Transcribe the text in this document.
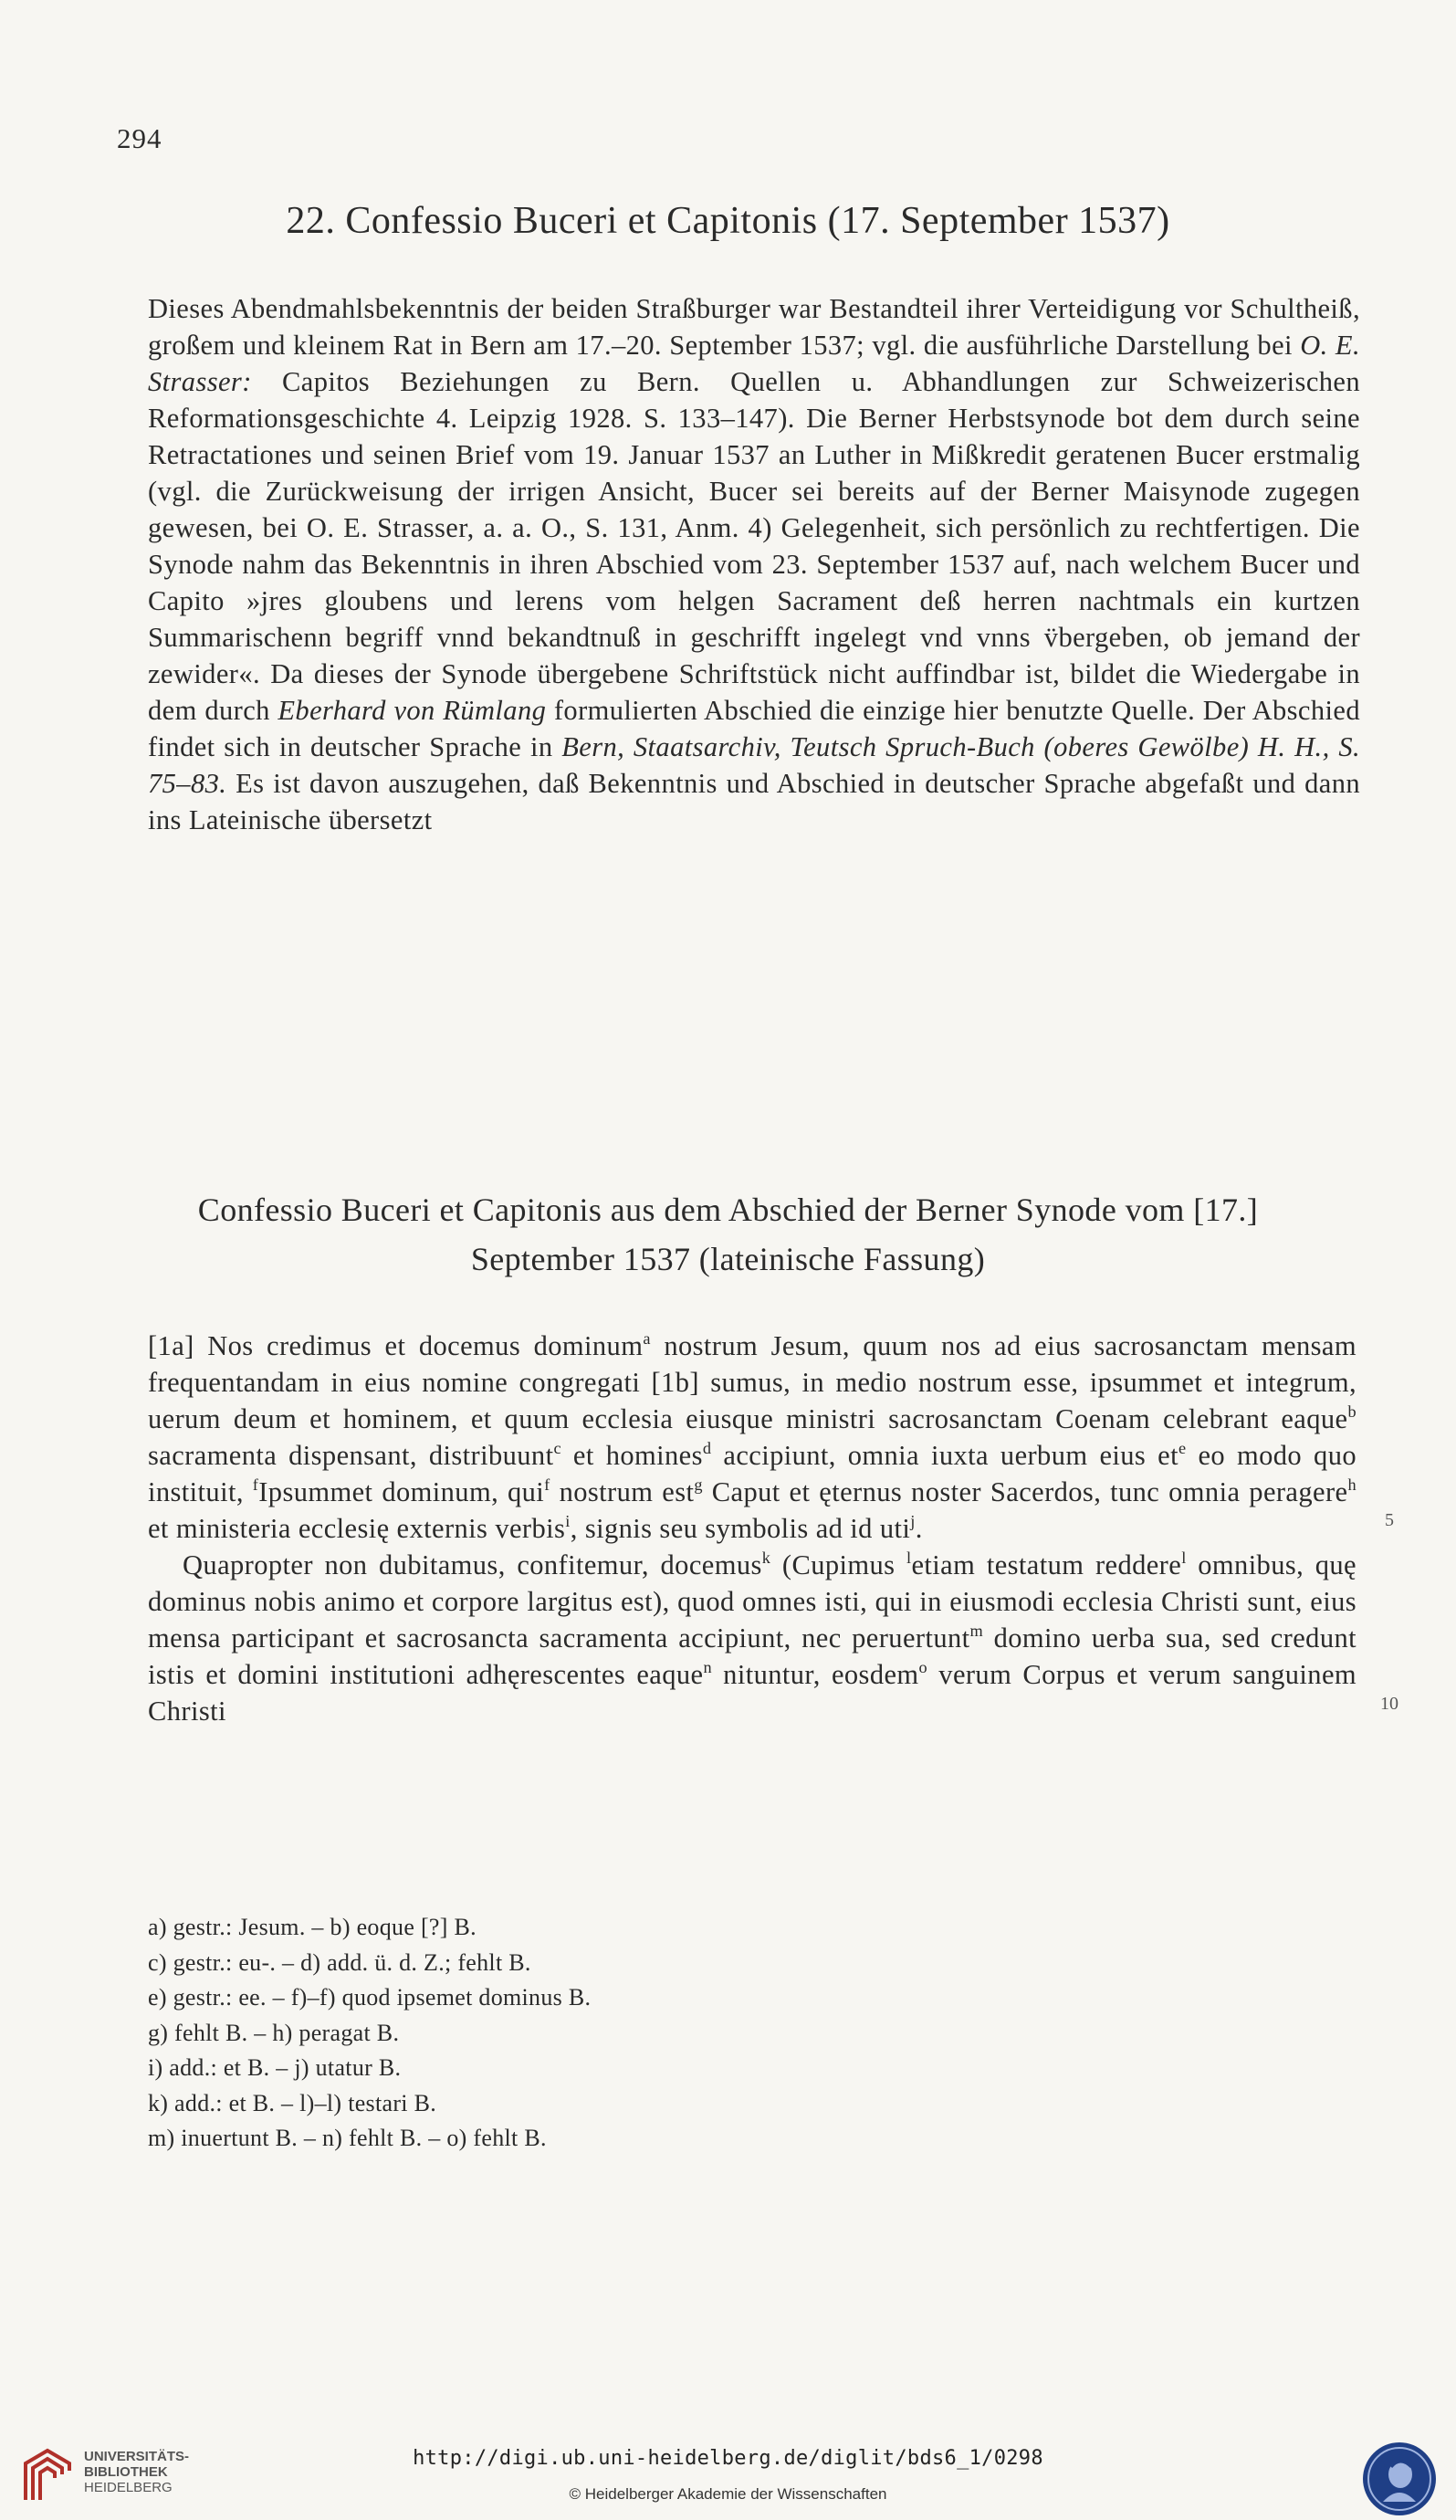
294
22. Confessio Buceri et Capitonis (17. September 1537)

Dieses Abendmahlsbekenntnis der beiden Straßburger war Bestandteil ihrer Verteidigung vor Schultheiß, großem und kleinem Rat in Bern am 17.–20. September 1537; vgl. die ausführliche Darstellung bei O. E. Strasser: Capitos Beziehungen zu Bern. Quellen u. Abhandlungen zur Schweizerischen Reformationsgeschichte 4. Leipzig 1928. S. 133–147). Die Berner Herbstsynode bot dem durch seine Retractationes und seinen Brief vom 19. Januar 1537 an Luther in Mißkredit geratenen Bucer erstmalig (vgl. die Zurückweisung der irrigen Ansicht, Bucer sei bereits auf der Berner Maisynode zugegen gewesen, bei O. E. Strasser, a. a. O., S. 131, Anm. 4) Gelegenheit, sich persönlich zu rechtfertigen. Die Synode nahm das Bekenntnis in ihren Abschied vom 23. September 1537 auf, nach welchem Bucer und Capito »jres gloubens und lerens vom helgen Sacrament deß herren nachtmals ein kurtzen Summarischenn begriff vnnd bekandtnuß in geschrifft ingelegt vnd vnns v̈bergeben, ob jemand der zewider«. Da dieses der Synode übergebene Schriftstück nicht auffindbar ist, bildet die Wiedergabe in dem durch Eberhard von Rümlang formulierten Abschied die einzige hier benutzte Quelle. Der Abschied findet sich in deutscher Sprache in Bern, Staatsarchiv, Teutsch Spruch-Buch (oberes Gewölbe) H. H., S. 75–83. Es ist davon auszugehen, daß Bekenntnis und Abschied in deutscher Sprache abgefaßt und dann ins Lateinische übersetzt

Confessio Buceri et Capitonis aus dem Abschied der Berner Synode vom [17.]
September 1537 (lateinische Fassung)

[1a] Nos credimus et docemus dominum$^a$ nostrum Jesum, quum nos ad eius sacrosanctam mensam frequentandam in eius nomine congregati [1b] sumus, in medio nostrum esse, ipsummet et integrum, uerum deum et hominem, et quum ecclesia eiusque ministri sacrosanctam Coenam celebrant eaque$^b$ sacramenta dispensant, distribuunt$^c$ et homines$^d$ accipiunt, omnia iuxta uerbum eius $et^e$ eo modo quo instituit, $^f$Ipsummet dominum, qui$^f$ nostrum est$^g$ Caput et ęternus noster Sacerdos, tunc omnia peragere$^h$ et ministeria ecclesię externis verbis$^i$, signis seu symbolis ad id uti$^j$.

Quapropter non dubitamus, confitemur, docemus$^k$ (Cupimus $^l$etiam testatum reddere$^l$ omnibus, quę dominus nobis animo et corpore largitus est), quod omnes isti, qui in eiusmodi ecclesia Christi sunt, eius mensa participant et sacrosancta sacramenta accipiunt, nec peruertunt$^m$ domino uerba sua, sed credunt istis et domini institutioni adhęrescentes eaque$^n$ nituntur, eosdem$^o$ verum Corpus et verum sanguinem Christi

5
10
a) gestr.: Jesum. – b) eoque [?] B.
c) gestr.: eu-. – d) add. ü. d. Z.; fehlt B.
e) gestr.: ee. – f)–f) quod ipsemet dominus B.
g) fehlt B. – h) peragat B.
i) add.: et B. – j) utatur B.
k) add.: et B. – l)–l) testari B.
m) inuertunt B. – n) fehlt B. – o) fehlt B.
UNIVERSITÄTS-
BIBLIOTHEK
HEIDELBERG
http://digi.ub.uni-heidelberg.de/diglit/bds6_1/0298
© Heidelberger Akademie der Wissenschaften
